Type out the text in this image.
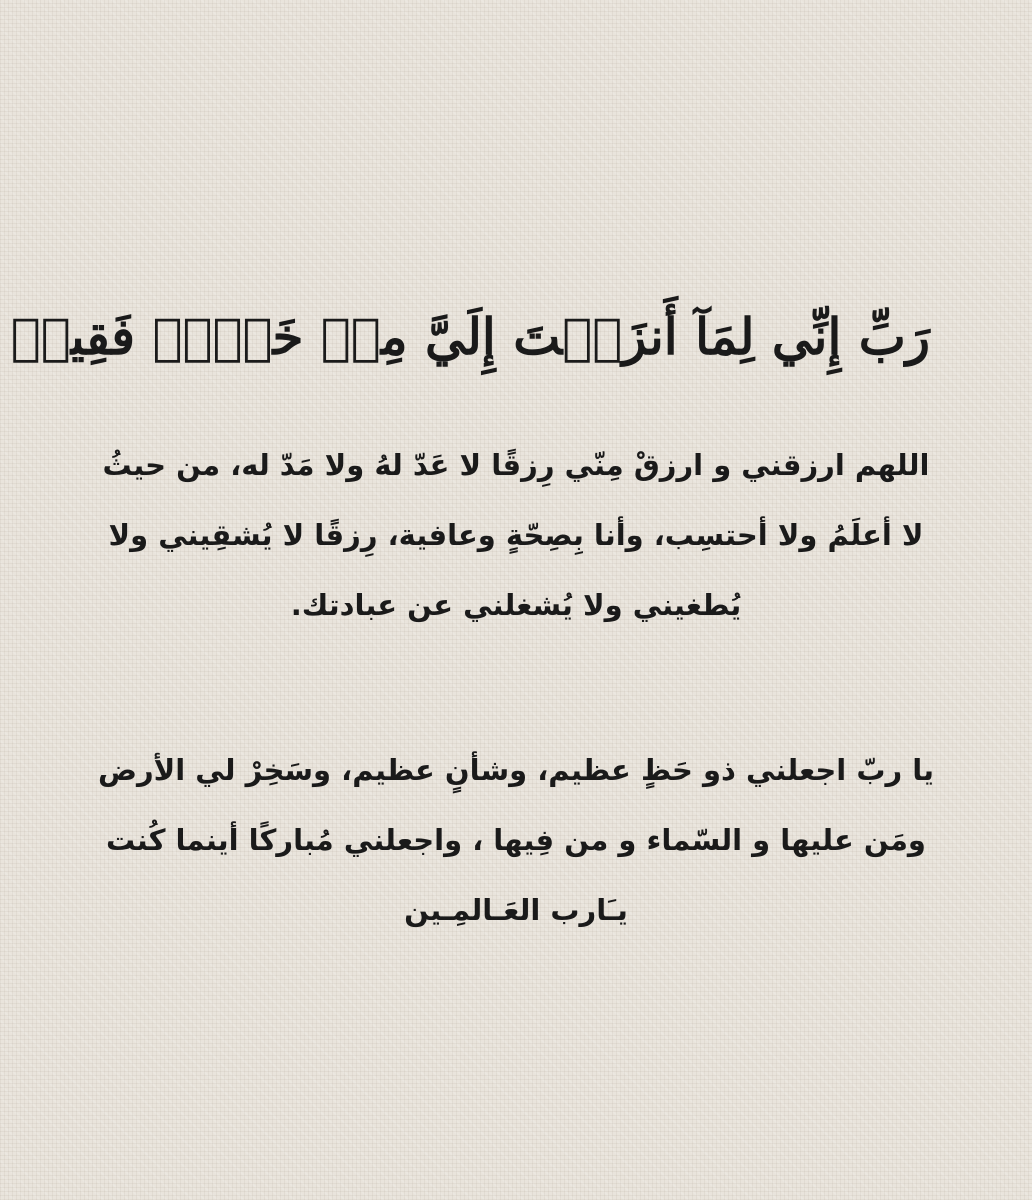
رَبِّ إِنِّي لِمَآ أَنزَلۡتَ إِلَيَّ مِنۡ خَيۡرٖ فَقِيرٞ
اللهم ارزقني و ارزقْ مِنّي رِزقًا لا عَدّ لهُ ولا مَدّ له، من حيثُ
لا أعلَمُ ولا أحتسِب، وأنا بِصِحّةٍ وعافية، رِزقًا لا يُشقِيني ولا
يُطغيني ولا يُشغلني عن عبادتك.
يا ربّ اجعلني ذو حَظٍ عظيم، وشأنٍ عظيم، وسَخِرْ لي الأرض
ومَن عليها و السّماء و من فِيها ، واجعلني مُباركًا أينما كُنت
يـَارب العَـالمِـين
